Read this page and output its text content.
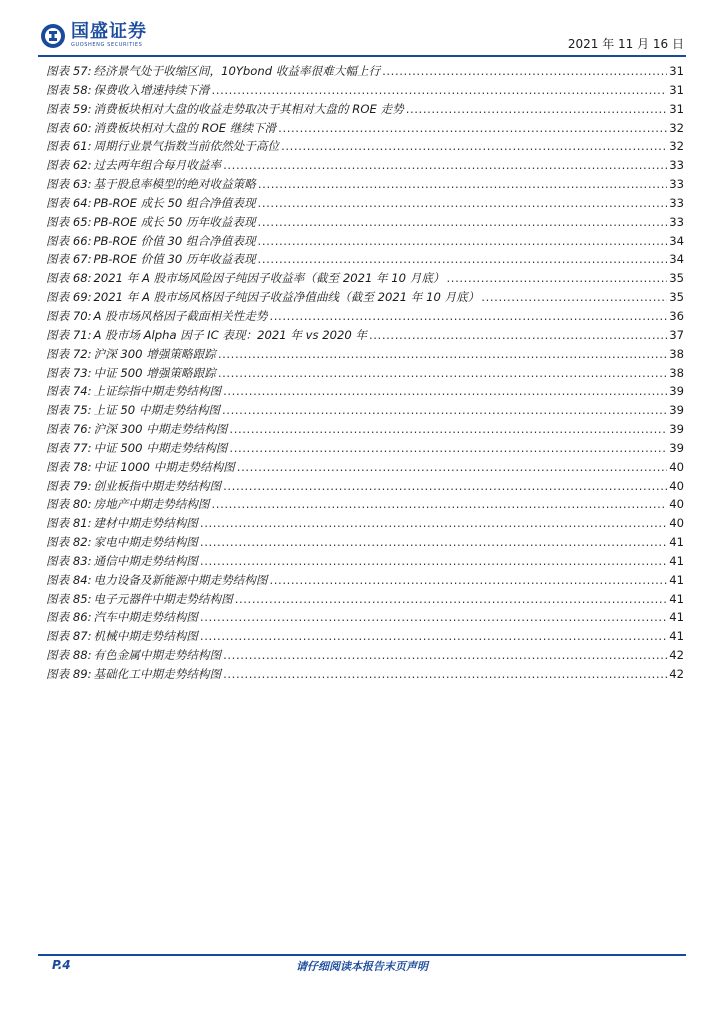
国盛证券
GUOSHENG SECURITIES	2021 年 11 月 16 日
图表 57: 经济景气处于收缩区间，10Ybond 收益率很难大幅上行 .....	31
图表 58: 保费收入增速持续下滑 .....	31
图表 59: 消费板块相对大盘的收益走势取决于其相对大盘的 ROE 走势 .....	31
图表 60: 消费板块相对大盘的 ROE 继续下滑 .....	32
图表 61: 周期行业景气指数当前依然处于高位 .....	32
图表 62: 过去两年组合每月收益率 .....	33
图表 63: 基于股息率模型的绝对收益策略 .....	33
图表 64: PB-ROE 成长 50 组合净值表现 .....	33
图表 65: PB-ROE 成长 50 历年收益表现 .....	33
图表 66: PB-ROE 价值 30 组合净值表现 .....	34
图表 67: PB-ROE 价值 30 历年收益表现 .....	34
图表 68: 2021 年 A 股市场风险因子纯因子收益率（截至 2021 年 10 月底） .....	35
图表 69: 2021 年 A 股市场风格因子纯因子收益净值曲线（截至 2021 年 10 月底） .....	35
图表 70: A 股市场风格因子截面相关性走势 .....	36
图表 71: A 股市场 Alpha 因子 IC 表现：2021 年 vs 2020 年 .....	37
图表 72: 沪深 300 增强策略跟踪 .....	38
图表 73: 中证 500 增强策略跟踪 .....	38
图表 74: 上证综指中期走势结构图 .....	39
图表 75: 上证 50 中期走势结构图 .....	39
图表 76: 沪深 300 中期走势结构图 .....	39
图表 77: 中证 500 中期走势结构图 .....	39
图表 78: 中证 1000 中期走势结构图 .....	40
图表 79: 创业板指中期走势结构图 .....	40
图表 80: 房地产中期走势结构图 .....	40
图表 81: 建材中期走势结构图 .....	40
图表 82: 家电中期走势结构图 .....	41
图表 83: 通信中期走势结构图 .....	41
图表 84: 电力设备及新能源中期走势结构图 .....	41
图表 85: 电子元器件中期走势结构图 .....	41
图表 86: 汽车中期走势结构图 .....	41
图表 87: 机械中期走势结构图 .....	41
图表 88: 有色金属中期走势结构图 .....	42
图表 89: 基础化工中期走势结构图 .....	42
P.4	请仔细阅读本报告末页声明
